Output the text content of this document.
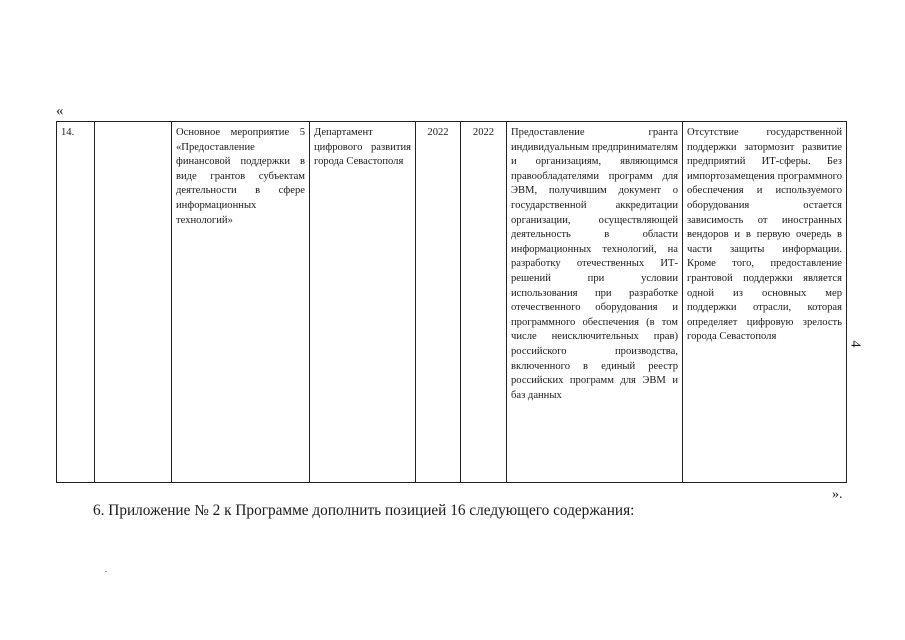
«
14.		Основное мероприятие 5 «Предоставление финансовой поддержки в виде грантов субъектам деятельности в сфере информационных технологий»	Департамент цифрового развития города Севастополя	2022	2022	Предоставление гранта индивидуальным предпринимателям и организациям, являющимся правообладателями программ для ЭВМ, получившим документ о государственной аккредитации организации, осуществляющей деятельность в области информационных технологий, на разработку отечественных ИТ-решений при условии использования при разработке отечественного оборудования и программного обеспечения (в том числе неисключительных прав) российского производства, включенного в единый реестр российских программ для ЭВМ и баз данных	Отсутствие государственной поддержки затормозит развитие предприятий ИТ-сферы. Без импортозамещения программного обеспечения и используемого оборудования остается зависимость от иностранных вендоров и в первую очередь в части защиты информации. Кроме того, предоставление грантовой поддержки является одной из основных мер поддержки отрасли, которая определяет цифровую зрелость города Севастополя
4
».
6. Приложение № 2 к Программе дополнить позицией 16 следующего содержания:
